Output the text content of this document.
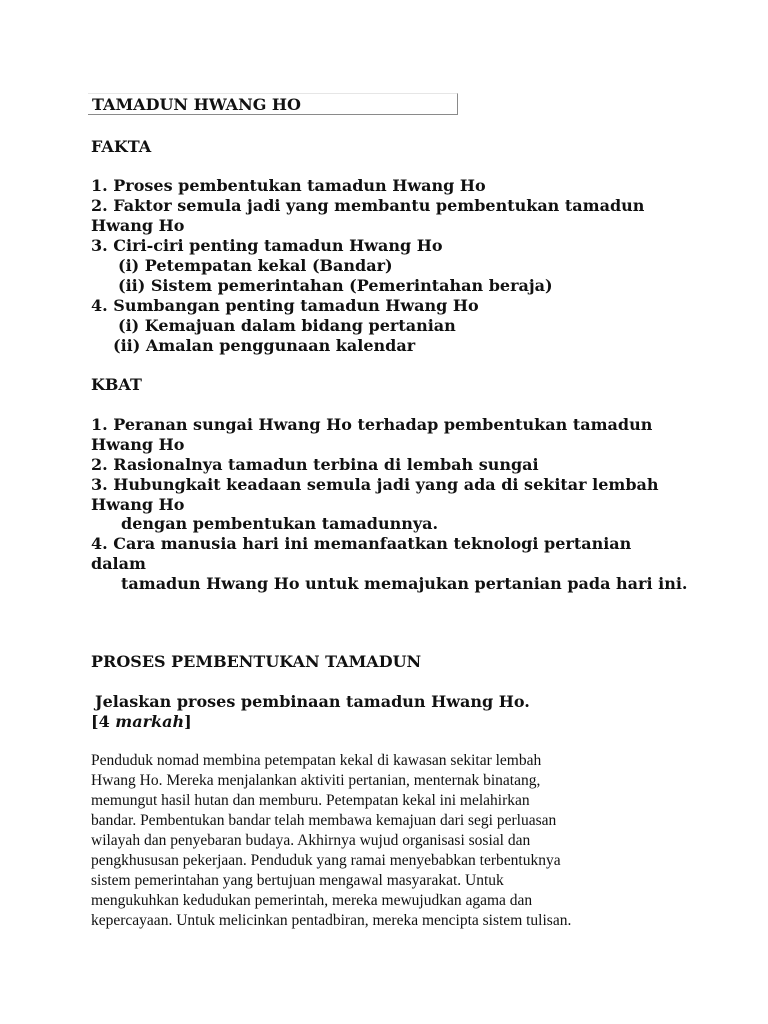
TAMADUN HWANG HO
FAKTA
1. Proses pembentukan tamadun Hwang Ho
2. Faktor semula jadi yang membantu pembentukan tamadun
Hwang Ho
3. Ciri-ciri penting tamadun Hwang Ho
(i) Petempatan kekal (Bandar)
(ii) Sistem pemerintahan (Pemerintahan beraja)
4. Sumbangan penting tamadun Hwang Ho
(i) Kemajuan dalam bidang pertanian
(ii) Amalan penggunaan kalendar
KBAT
1. Peranan sungai Hwang Ho terhadap pembentukan tamadun
Hwang Ho
2. Rasionalnya tamadun terbina di lembah sungai
3. Hubungkait keadaan semula jadi yang ada di sekitar lembah
Hwang Ho
dengan pembentukan tamadunnya.
4. Cara manusia hari ini memanfaatkan teknologi pertanian
dalam
tamadun Hwang Ho untuk memajukan pertanian pada hari ini.
PROSES PEMBENTUKAN TAMADUN
Jelaskan proses pembinaan tamadun Hwang Ho.
[4 markah]
Penduduk nomad membina petempatan kekal di kawasan sekitar lembah
Hwang Ho. Mereka menjalankan aktiviti pertanian, menternak binatang,
memungut hasil hutan dan memburu. Petempatan kekal ini melahirkan
bandar. Pembentukan bandar telah membawa kemajuan dari segi perluasan
wilayah dan penyebaran budaya. Akhirnya wujud organisasi sosial dan
pengkhususan pekerjaan. Penduduk yang ramai menyebabkan terbentuknya
sistem pemerintahan yang bertujuan mengawal masyarakat. Untuk
mengukuhkan kedudukan pemerintah, mereka mewujudkan agama dan
kepercayaan. Untuk melicinkan pentadbiran, mereka mencipta sistem tulisan.
